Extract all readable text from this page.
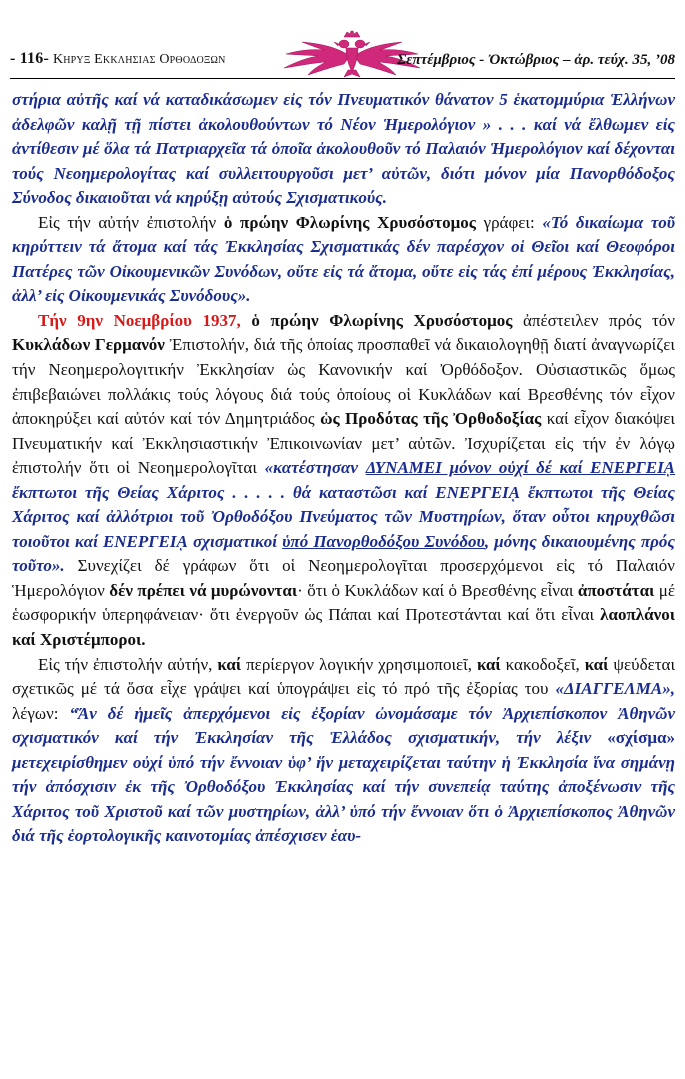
- 116- Κηρυξ Εκκλησιας Ορθοδοξων	Σεπτέμβριος - Ὀκτώβριος – ἀρ. τεύχ. 35, ’08

στήρια αὐτῆς καί νά καταδικάσωμεν εἰς τόν Πνευματικόν θάνατον 5 ἑκατομμύρια Ἑλλήνων ἀδελφῶν καλῇ τῇ πίστει ἀκολουθούντων τό Νέον Ἡμερολόγιον » . . . καί νά ἔλθωμεν εἰς ἀντίθεσιν μέ ὅλα τά Πατριαρχεῖα τά ὁποῖα ἀκολουθοῦν τό Παλαιόν Ἡμερολόγιον καί δέχονται τούς Νεοημερολογίτας καί συλλειτουργοῦσι μετ’ αὐτῶν, διότι μόνον μία Πανορθόδοξος Σύνοδος δικαιοῦται νά κηρύξῃ αὐτούς Σχισματικούς.

Εἰς τήν αὐτήν ἐπιστολήν ὁ πρώην Φλωρίνης Χρυσόστομος γράφει: «Τό δικαίωμα τοῦ κηρύττειν τά ἄτομα καί τάς Ἐκκλησίας Σχισματικάς δέν παρέσχον οἱ Θεῖοι καί Θεοφόροι Πατέρες τῶν Οἰκουμενικῶν Συνόδων, οὔτε εἰς τά ἄτομα, οὔτε εἰς τάς ἐπί μέρους Ἐκκλησίας, ἀλλ’ εἰς Οἰκουμενικάς Συνόδους».

Τήν 9ην Νοεμβρίου 1937, ὁ πρώην Φλωρίνης Χρυσόστομος ἀπέστειλεν πρός τόν Κυκλάδων Γερμανόν Ἐπιστολήν, διά τῆς ὁποίας προσπαθεῖ νά δικαιολογηθῇ διατί ἀναγνωρίζει τήν Νεοημερολογιτικήν Ἐκκλησίαν ὡς Κανονικήν καί Ὀρθόδοξον. Οὐσιαστικῶς ὅμως ἐπιβεβαιώνει πολλάκις τούς λόγους διά τούς ὁποίους οἱ Κυκλάδων καί Βρεσθένης τόν εἶχον ἀποκηρύξει καί αὐτόν καί τόν Δημητριάδος ὡς Προδότας τῆς Ὀρθοδοξίας καί εἶχον διακόψει Πνευματικήν καί Ἐκκλησιαστικήν Ἐπικοινωνίαν μετ’ αὐτῶν. Ἰσχυρίζεται εἰς τήν ἐν λόγῳ ἐπιστολήν ὅτι οἱ Νεοημερολογῖται «κατέστησαν ΔΥΝΑΜΕΙ μόνον οὐχί δέ καί ΕΝΕΡΓΕΙᾼ ἔκπτωτοι τῆς Θείας Χάριτος . . . . . θά καταστῶσι καί ΕΝΕΡΓΕΙᾼ ἔκπτωτοι τῆς Θείας Χάριτος καί ἀλλότριοι τοῦ Ὀρθοδόξου Πνεύματος τῶν Μυστηρίων, ὅταν οὗτοι κηρυχθῶσι τοιοῦτοι καί ΕΝΕΡΓΕΙᾼ σχισματικοί ὑπό Πανορθοδόξου Συνόδου, μόνης δικαιουμένης πρός τοῦτο». Συνεχίζει δέ γράφων ὅτι οἱ Νεοημερολογῖται προσερχόμενοι εἰς τό Παλαιόν Ἡμερολόγιον δέν πρέπει νά μυρώνονται· ὅτι ὁ Κυκλάδων καί ὁ Βρεσθένης εἶναι ἀποστάται μέ ἑωσφορικήν ὑπερηφάνειαν· ὅτι ἐνεργοῦν ὡς Πάπαι καί Προτεστάνται καί ὅτι εἶναι λαοπλάνοι καί Χριστέμποροι.

Εἰς τήν ἐπιστολήν αὐτήν, καί περίεργον λογικήν χρησιμοποιεῖ, καί κακοδοξεῖ, καί ψεύδεται σχετικῶς μέ τά ὅσα εἶχε γράψει καί ὑπογράψει εἰς τό πρό τῆς ἐξορίας του «ΔΙΑΓΓΕΛΜΑ», λέγων: “Ἄν δέ ἡμεῖς ἀπερχόμενοι εἰς ἐξορίαν ὠνομάσαμε τόν Ἀρχιεπίσκοπον Ἀθηνῶν σχισματικόν καί τήν Ἐκκλησίαν τῆς Ἑλλάδος σχισματικήν, τήν λέξιν «σχίσμα» μετεχειρίσθημεν οὐχί ὑπό τήν ἔννοιαν ὑφ’ ἥν μεταχειρίζεται ταύτην ἡ Ἐκκλησία ἵνα σημάνῃ τήν ἀπόσχισιν ἐκ τῆς Ὀρθοδόξου Ἐκκλησίας καί τήν συνεπείᾳ ταύτης ἀποξένωσιν τῆς Χάριτος τοῦ Χριστοῦ καί τῶν μυστηρίων, ἀλλ’ ὑπό τήν ἔννοιαν ὅτι ὁ Ἀρχιεπίσκοπος Ἀθηνῶν διά τῆς ἑορτολογικῆς καινοτομίας ἀπέσχισεν ἑαυ-
